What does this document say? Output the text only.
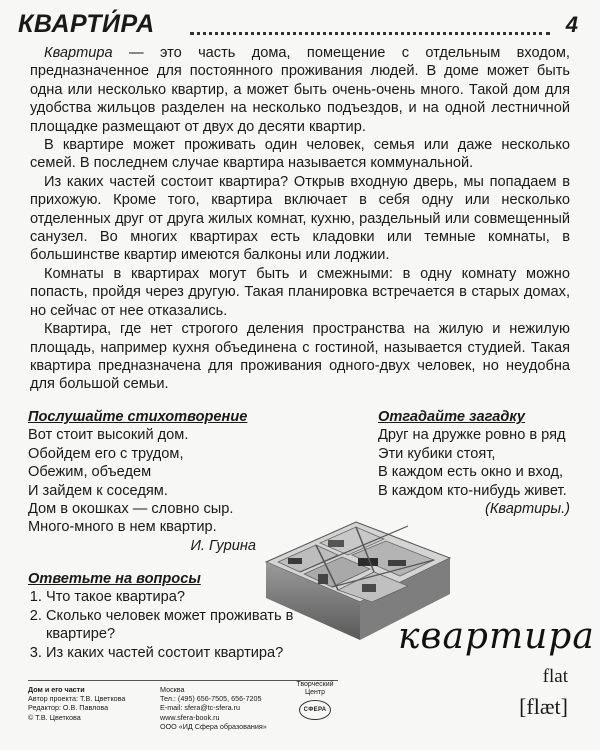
КВАРТИ́РА	4

Квартира — это часть дома, помещение с отдельным входом, предназначенное для постоянного проживания людей. В доме может быть одна или несколько квартир, а может быть очень-очень много. Такой дом для удобства жильцов разделен на несколько подъездов, и на одной лестничной площадке размещают от двух до десяти квартир.

В квартире может проживать один человек, семья или даже несколько семей. В последнем случае квартира называется коммунальной.

Из каких частей состоит квартира? Открыв входную дверь, мы попадаем в прихожую. Кроме того, квартира включает в себя одну или несколько отделенных друг от друга жилых комнат, кухню, раздельный или совмещенный санузел. Во многих квартирах есть кладовки или темные комнаты, в большинстве квартир имеются балконы или лоджии.

Комнаты в квартирах могут быть и смежными: в одну комнату можно попасть, пройдя через другую. Такая планировка встречается в старых домах, но сейчас от нее отказались.

Квартира, где нет строгого деления пространства на жилую и нежилую площадь, например кухня объединена с гостиной, называется студией. Такая квартира предназначена для проживания одного-двух человек, но неудобна для большой семьи.

Послушайте стихотворение
Вот стоит высокий дом.
Обойдем его с трудом,
Обежим, объедем
И зайдем к соседям.
Дом в окошках — словно сыр.
Много-много в нем квартир.
И. Гурина
Отгадайте загадку
Друг на дружке ровно в ряд
Эти кубики стоят,
В каждом есть окно и вход,
В каждом кто-нибудь живет.
(Квартиры.)
Ответьте на вопросы
1. Что такое квартира?
2. Сколько человек может проживать в квартире?
3. Из каких частей состоит квартира?	квартира
flat
[flæt]
Дом и его части
Автор проекта: Т.В. Цветкова
Редактор: О.В. Павлова
© Т.В. Цветкова
Москва
Тел.: (495) 656-7505, 656-7205
E-mail: sfera@tc-sfera.ru
www.sfera-book.ru
ООО «ИД Сфера образования»
Творческий
Центр
СФЕРА
